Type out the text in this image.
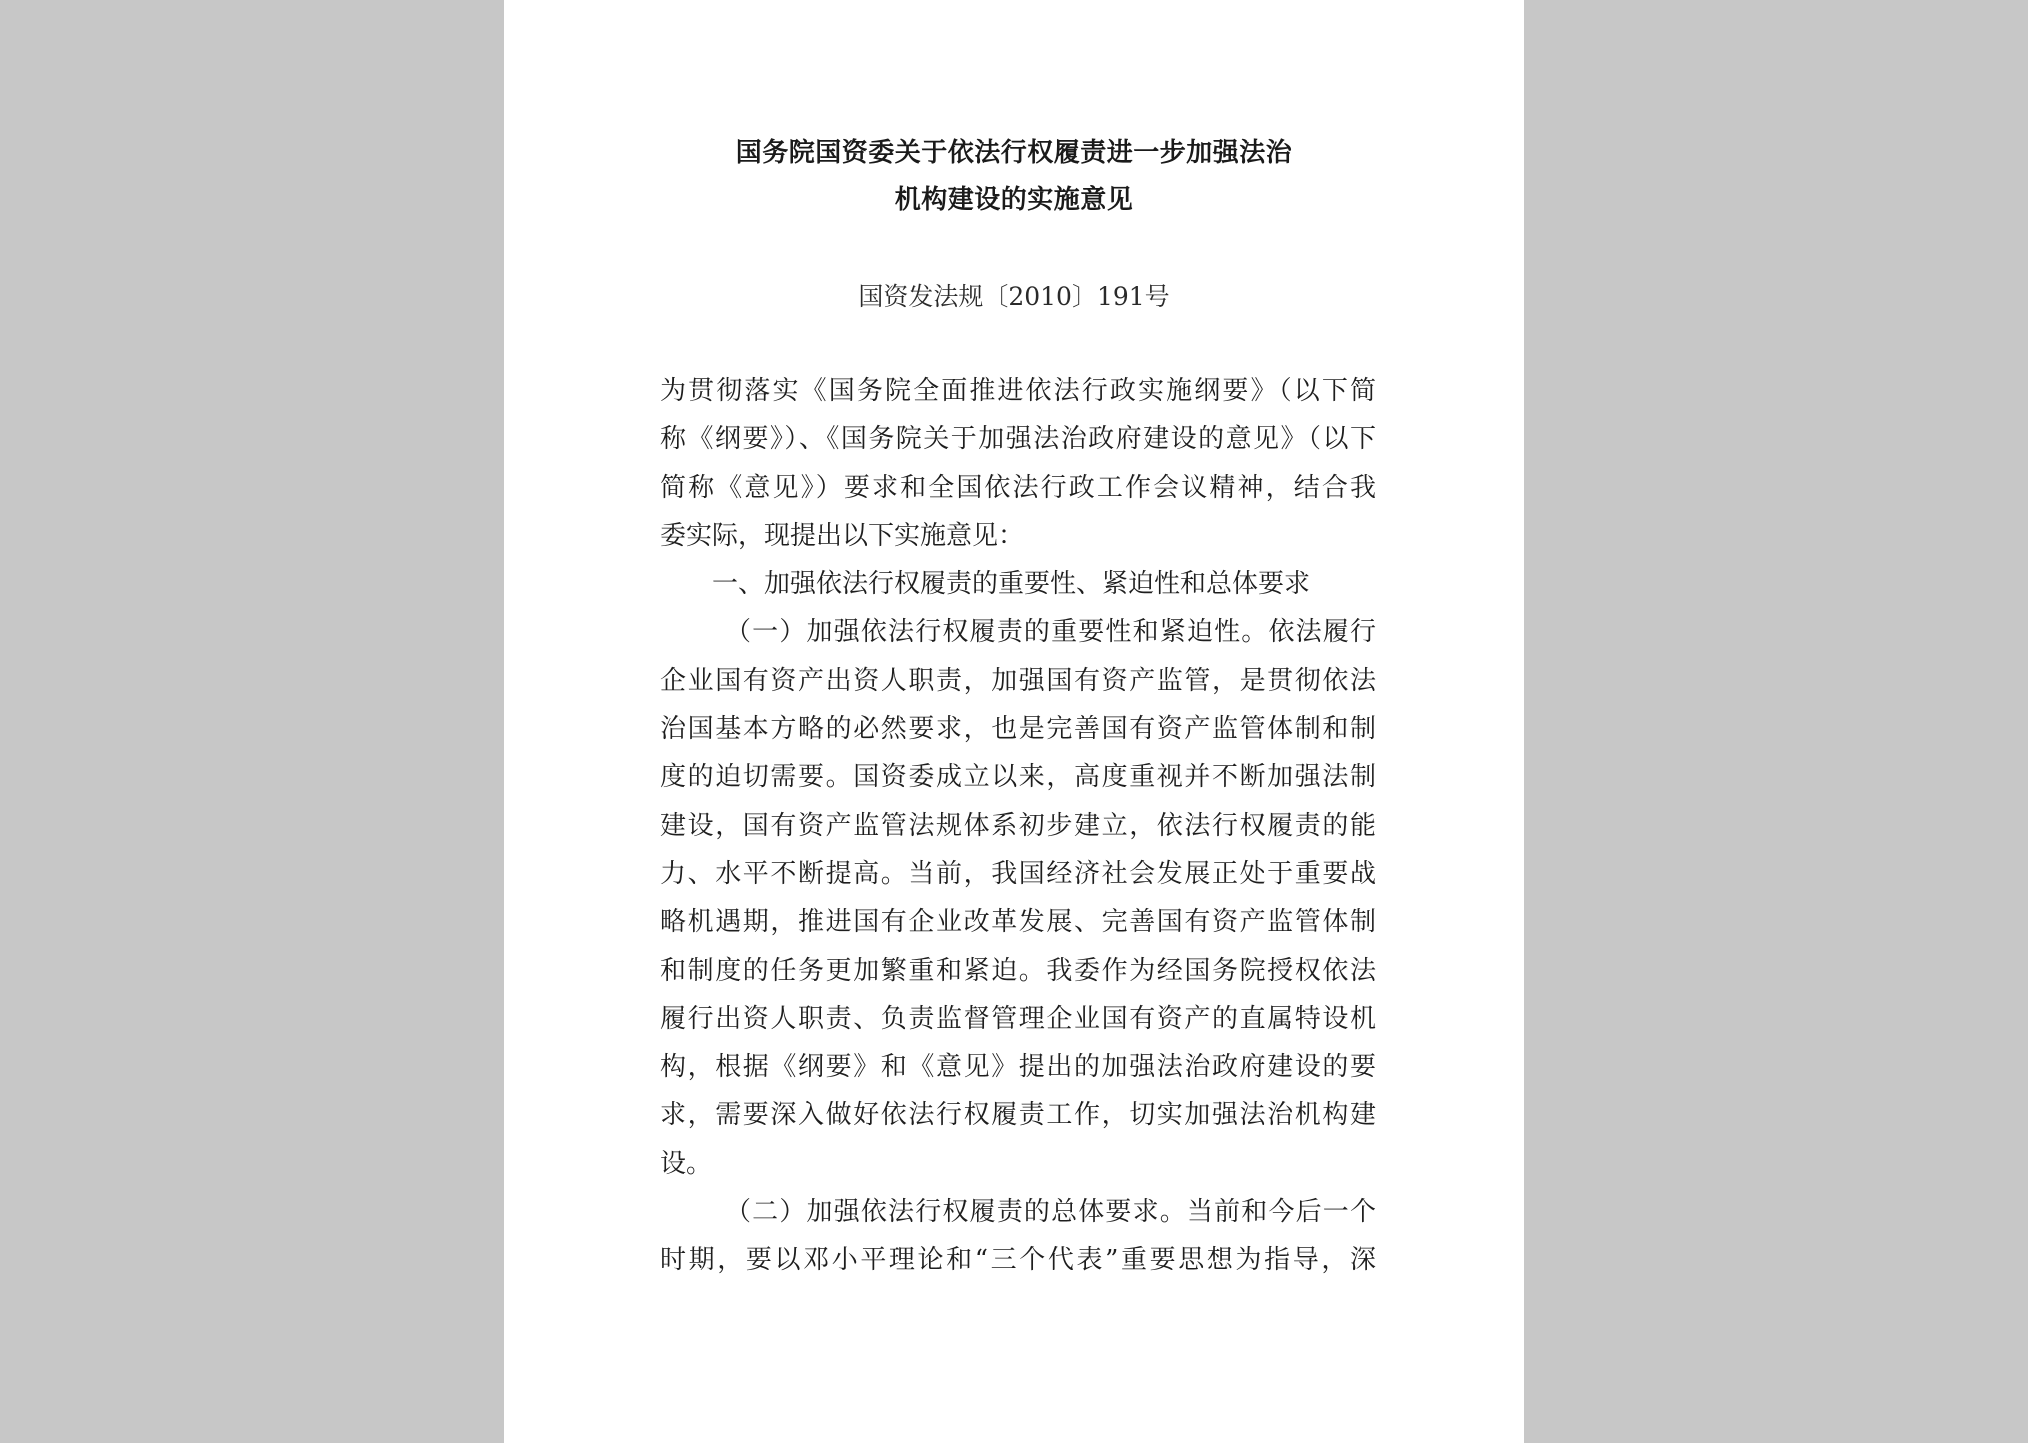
国务院国资委关于依法行权履责进一步加强法治
机构建设的实施意见
国资发法规〔2010〕191号
为贯彻落实《国务院全面推进依法行政实施纲要》（以下简
称《纲要》）、《国务院关于加强法治政府建设的意见》（以下
简称《意见》）要求和全国依法行政工作会议精神，结合我
委实际，现提出以下实施意见：
一、加强依法行权履责的重要性、紧迫性和总体要求
（一）加强依法行权履责的重要性和紧迫性。依法履行
企业国有资产出资人职责，加强国有资产监管，是贯彻依法
治国基本方略的必然要求，也是完善国有资产监管体制和制
度的迫切需要。国资委成立以来，高度重视并不断加强法制
建设，国有资产监管法规体系初步建立，依法行权履责的能
力、水平不断提高。当前，我国经济社会发展正处于重要战
略机遇期，推进国有企业改革发展、完善国有资产监管体制
和制度的任务更加繁重和紧迫。我委作为经国务院授权依法
履行出资人职责、负责监督管理企业国有资产的直属特设机
构，根据《纲要》和《意见》提出的加强法治政府建设的要
求，需要深入做好依法行权履责工作，切实加强法治机构建
设。
（二）加强依法行权履责的总体要求。当前和今后一个
时期，要以邓小平理论和“三个代表”重要思想为指导，深
